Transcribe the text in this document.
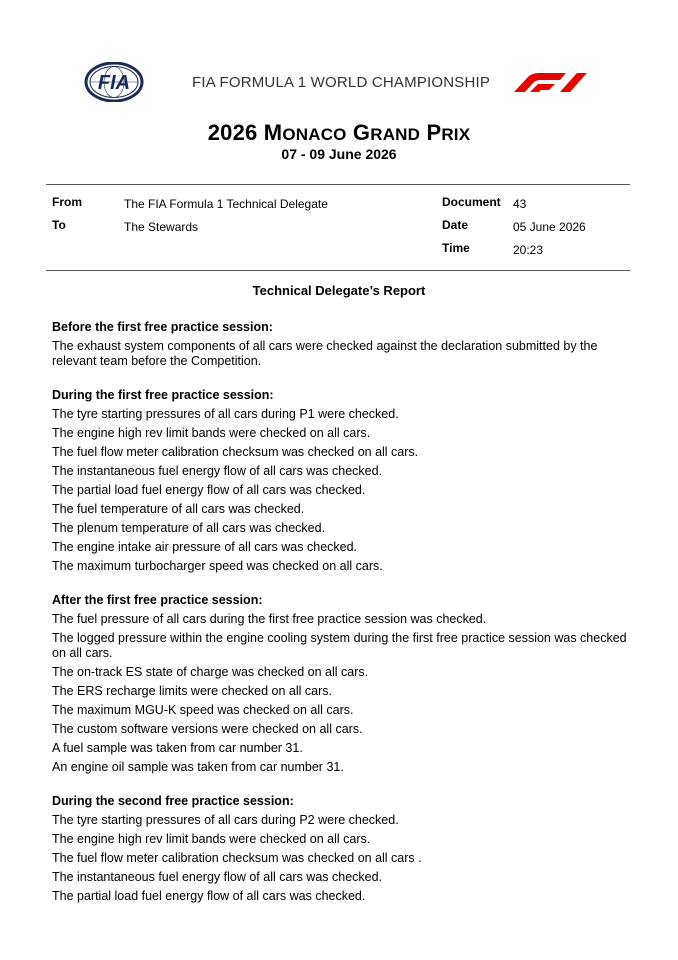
FIA	FIA FORMULA 1 WORLD CHAMPIONSHIP
2026 MONACO GRAND PRIX
07 - 09 June 2026
From	The FIA Formula 1 Technical Delegate
To	The Stewards
Document 43
Date	05 June 2026
Time	20:23
Technical Delegate’s Report
Before the first free practice session:
The exhaust system components of all cars were checked against the declaration submitted by the relevant team before the Competition.
During the first free practice session:
The tyre starting pressures of all cars during P1 were checked.
The engine high rev limit bands were checked on all cars.
The fuel flow meter calibration checksum was checked on all cars.
The instantaneous fuel energy flow of all cars was checked.
The partial load fuel energy flow of all cars was checked.
The fuel temperature of all cars was checked.
The plenum temperature of all cars was checked.
The engine intake air pressure of all cars was checked.
The maximum turbocharger speed was checked on all cars.
After the first free practice session:
The fuel pressure of all cars during the first free practice session was checked.
The logged pressure within the engine cooling system during the first free practice session was checked on all cars.
The on-track ES state of charge was checked on all cars.
The ERS recharge limits were checked on all cars.
The maximum MGU-K speed was checked on all cars.
The custom software versions were checked on all cars.
A fuel sample was taken from car number 31.
An engine oil sample was taken from car number 31.
During the second free practice session:
The tyre starting pressures of all cars during P2 were checked.
The engine high rev limit bands were checked on all cars.
The fuel flow meter calibration checksum was checked on all cars .
The instantaneous fuel energy flow of all cars was checked.
The partial load fuel energy flow of all cars was checked.
